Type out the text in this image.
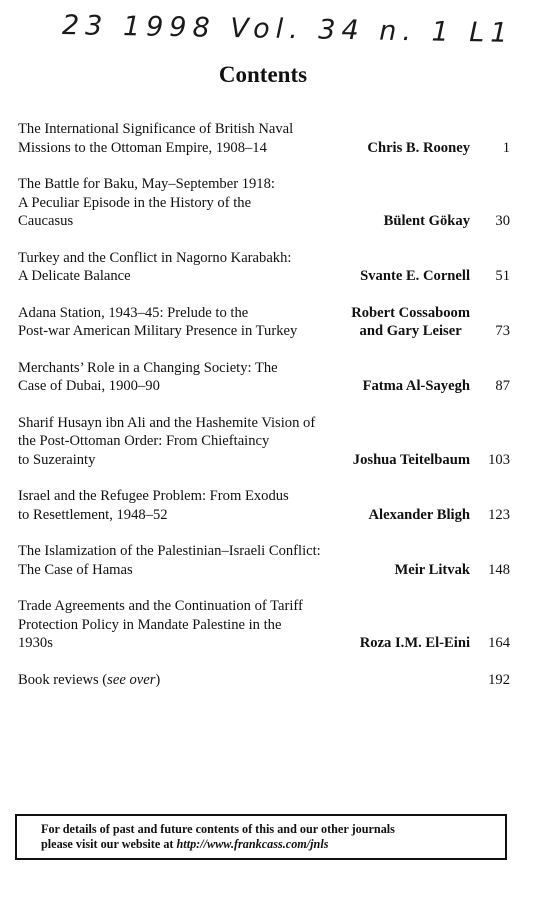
23 1998 Vol. 34 n. 1 L1
Contents
The International Significance of British Naval
Missions to the Ottoman Empire, 1908–14	Chris B. Rooney 1
The Battle for Baku, May–September 1918:
A Peculiar Episode in the History of the
Caucasus	Bülent Gökay 30
Turkey and the Conflict in Nagorno Karabakh:
A Delicate Balance	Svante E. Cornell 51
Adana Station, 1943–45: Prelude to the
Post-war American Military Presence in Turkey
Robert Cossaboom
and Gary Leiser	73
Merchants’ Role in a Changing Society: The
Case of Dubai, 1900–90	Fatma Al-Sayegh 87
Sharif Husayn ibn Ali and the Hashemite Vision of
the Post-Ottoman Order: From Chieftaincy
to Suzerainty	Joshua Teitelbaum 103
Israel and the Refugee Problem: From Exodus
to Resettlement, 1948–52	Alexander Bligh 123
The Islamization of the Palestinian–Israeli Conflict:
The Case of Hamas	Meir Litvak 148
Trade Agreements and the Continuation of Tariff
Protection Policy in Mandate Palestine in the
1930s	Roza I.M. El-Eini 164
Book reviews (see over)	192
For details of past and future contents of this and our other journals
please visit our website at http://www.frankcass.com/jnls
